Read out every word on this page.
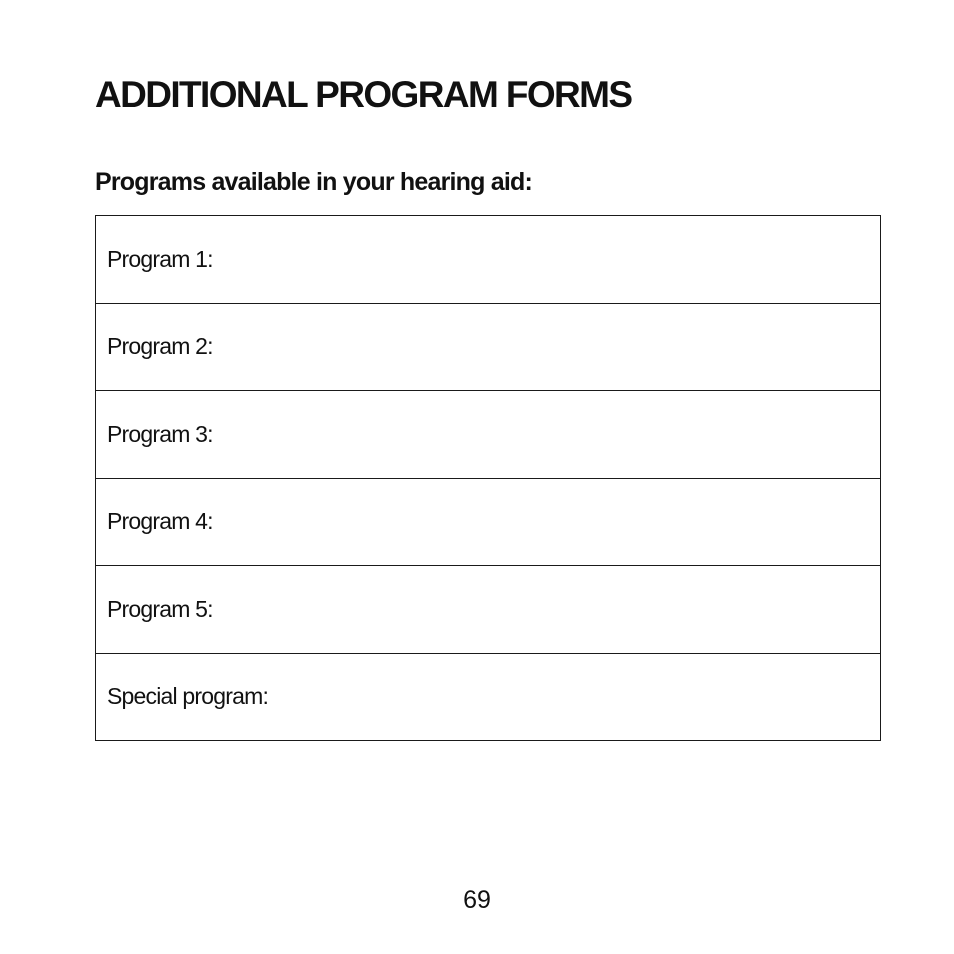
ADDITIONAL PROGRAM FORMS
Programs available in your hearing aid:
Program 1:
Program 2:
Program 3:
Program 4:
Program 5:
Special program:
69
